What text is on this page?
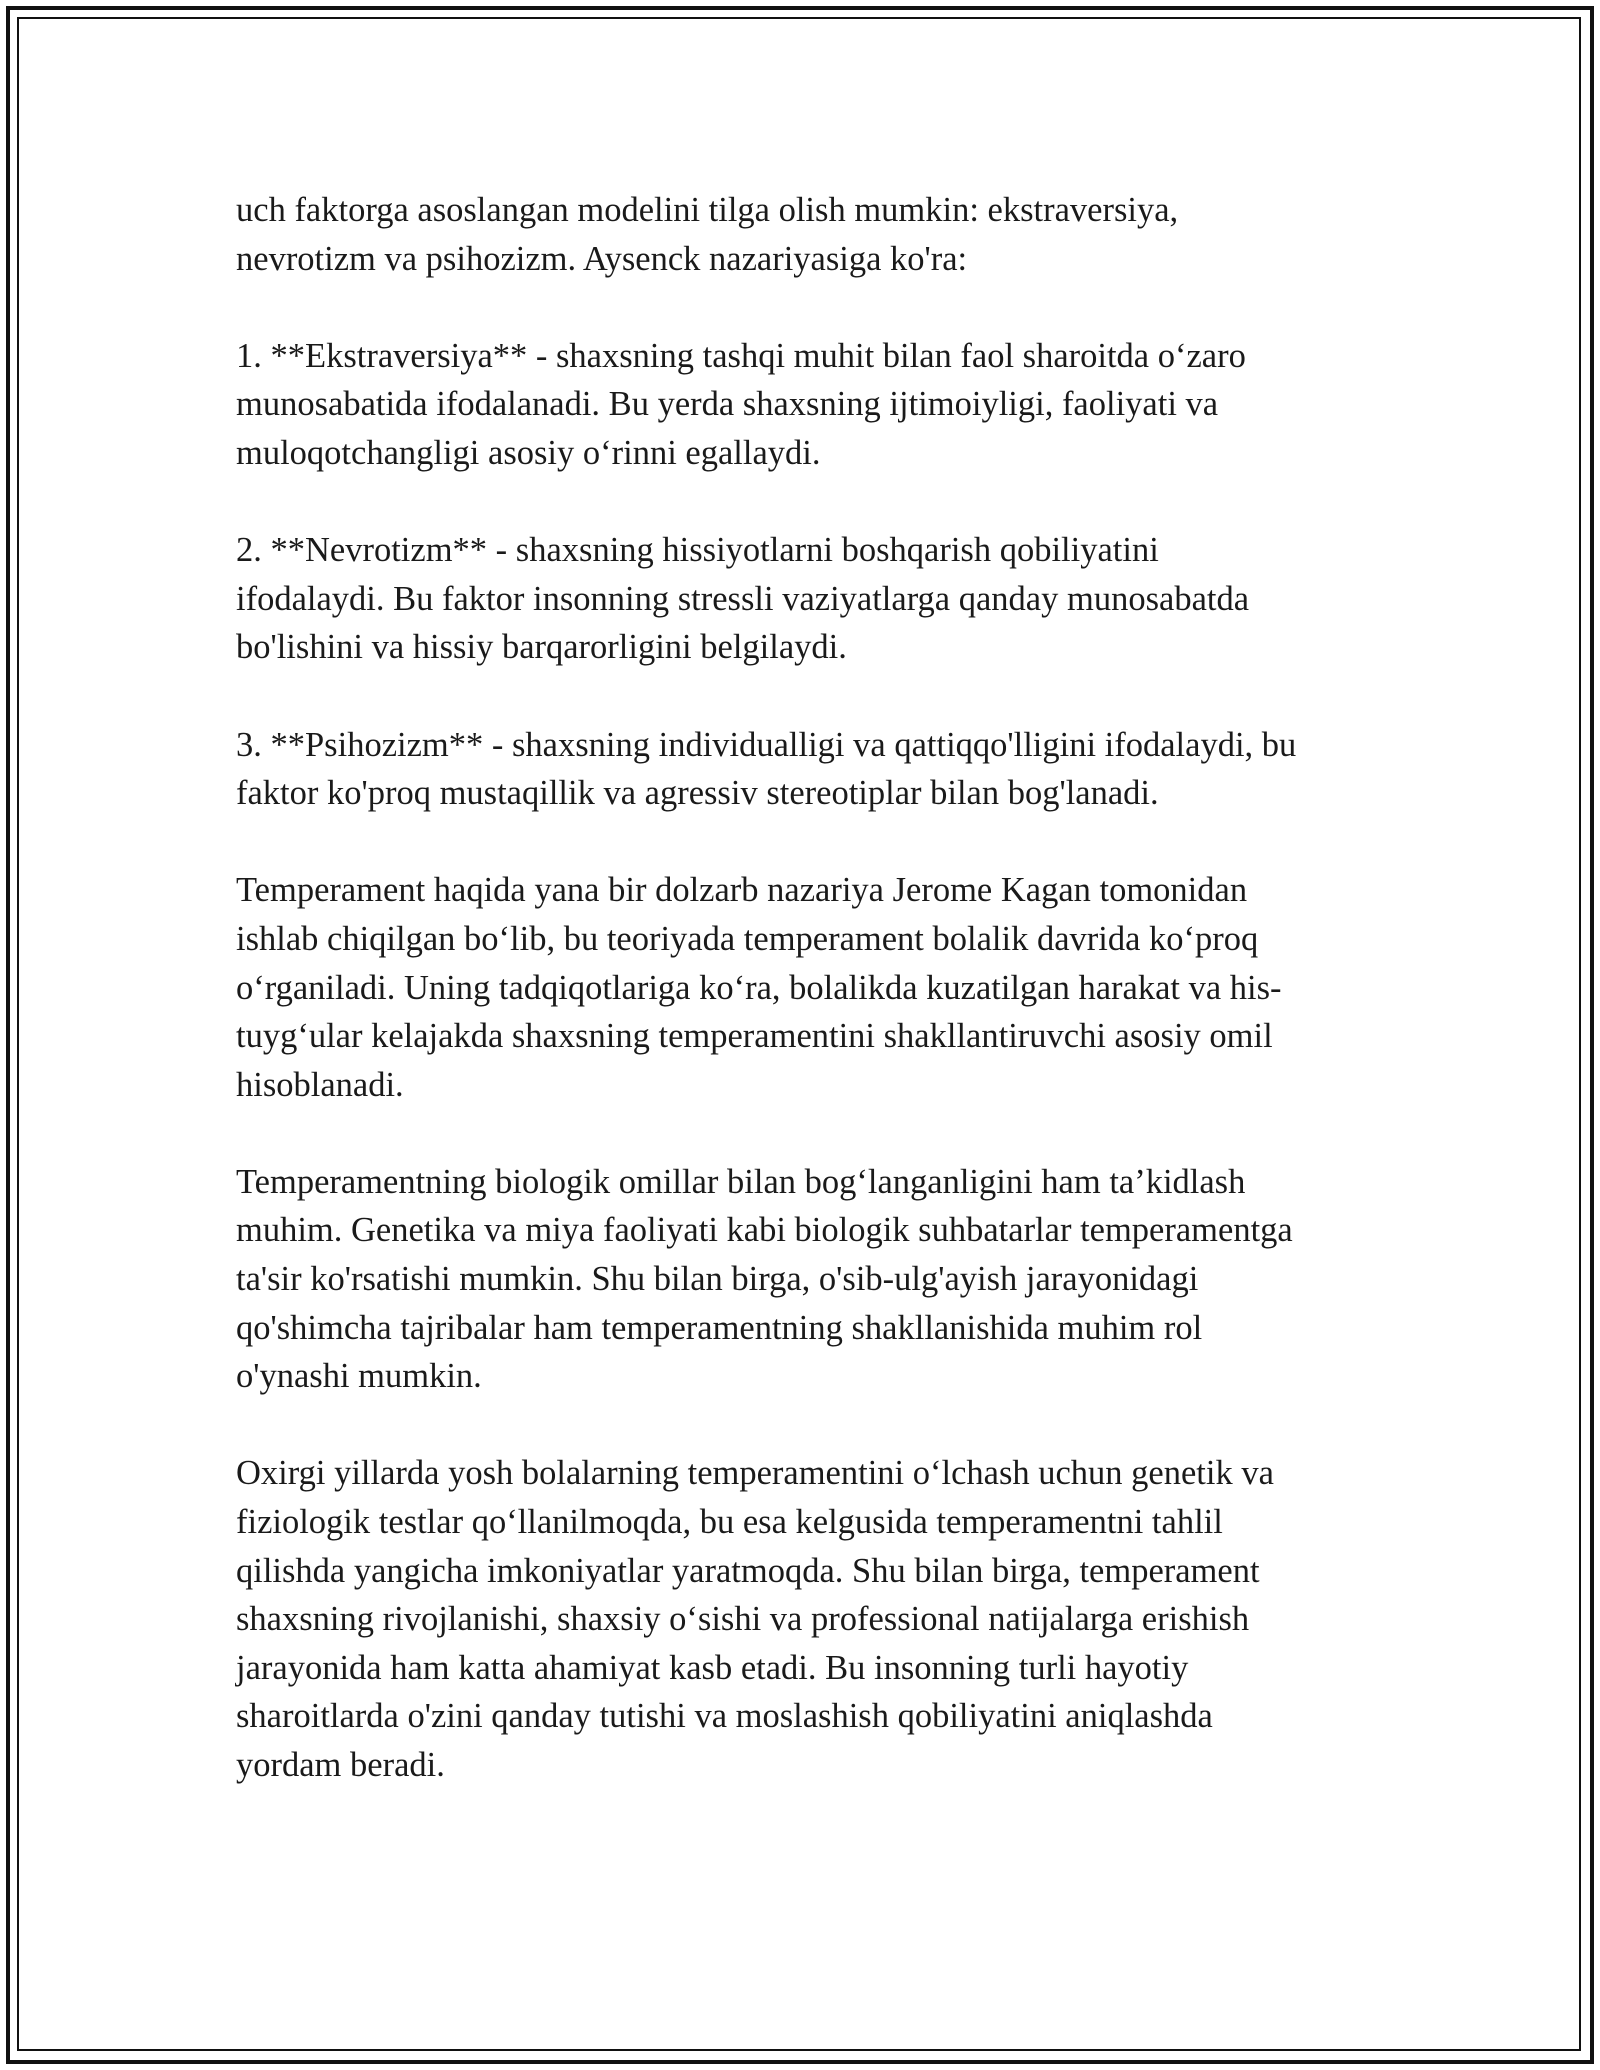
uch faktorga asoslangan modelini tilga olish mumkin: ekstraversiya,
nevrotizm va psihozizm. Aysenck nazariyasiga ko'ra:

1. **Ekstraversiya** - shaxsning tashqi muhit bilan faol sharoitda o‘zaro
munosabatida ifodalanadi. Bu yerda shaxsning ijtimoiyligi, faoliyati va
muloqotchangligi asosiy o‘rinni egallaydi.

2. **Nevrotizm** - shaxsning hissiyotlarni boshqarish qobiliyatini
ifodalaydi. Bu faktor insonning stressli vaziyatlarga qanday munosabatda
bo'lishini va hissiy barqarorligini belgilaydi.

3. **Psihozizm** - shaxsning individualligi va qattiqqo'lligini ifodalaydi, bu
faktor ko'proq mustaqillik va agressiv stereotiplar bilan bog'lanadi.

Temperament haqida yana bir dolzarb nazariya Jerome Kagan tomonidan
ishlab chiqilgan bo‘lib, bu teoriyada temperament bolalik davrida ko‘proq
o‘rganiladi. Uning tadqiqotlariga ko‘ra, bolalikda kuzatilgan harakat va his-
tuyg‘ular kelajakda shaxsning temperamentini shakllantiruvchi asosiy omil
hisoblanadi.

Temperamentning biologik omillar bilan bog‘langanligini ham ta’kidlash
muhim. Genetika va miya faoliyati kabi biologik suhbatarlar temperamentga
ta'sir ko'rsatishi mumkin. Shu bilan birga, o'sib-ulg'ayish jarayonidagi
qo'shimcha tajribalar ham temperamentning shakllanishida muhim rol
o'ynashi mumkin.

Oxirgi yillarda yosh bolalarning temperamentini o‘lchash uchun genetik va
fiziologik testlar qo‘llanilmoqda, bu esa kelgusida temperamentni tahlil
qilishda yangicha imkoniyatlar yaratmoqda. Shu bilan birga, temperament
shaxsning rivojlanishi, shaxsiy o‘sishi va professional natijalarga erishish
jarayonida ham katta ahamiyat kasb etadi. Bu insonning turli hayotiy
sharoitlarda o'zini qanday tutishi va moslashish qobiliyatini aniqlashda
yordam beradi.
